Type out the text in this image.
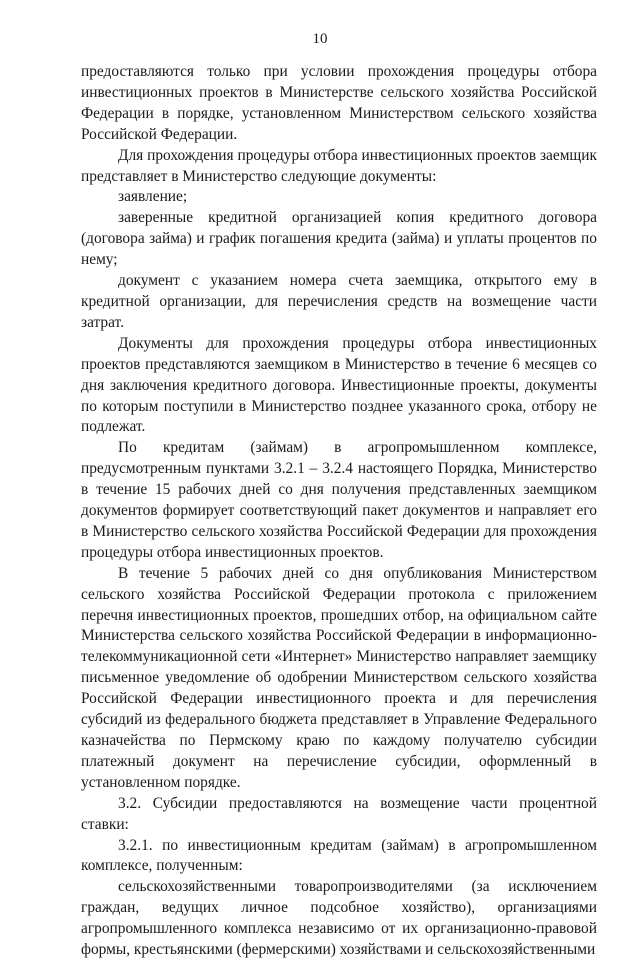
10

предоставляются только при условии прохождения процедуры отбора инвестиционных проектов в Министерстве сельского хозяйства Российской Федерации в порядке, установленном Министерством сельского хозяйства Российской Федерации.

Для прохождения процедуры отбора инвестиционных проектов заемщик представляет в Министерство следующие документы:

заявление;

заверенные кредитной организацией копия кредитного договора (договора займа) и график погашения кредита (займа) и уплаты процентов по нему;

документ с указанием номера счета заемщика, открытого ему в кредитной организации, для перечисления средств на возмещение части затрат.

Документы для прохождения процедуры отбора инвестиционных проектов представляются заемщиком в Министерство в течение 6 месяцев со дня заключения кредитного договора. Инвестиционные проекты, документы по которым поступили в Министерство позднее указанного срока, отбору не подлежат.

По кредитам (займам) в агропромышленном комплексе, предусмотренным пунктами 3.2.1 – 3.2.4 настоящего Порядка, Министерство в течение 15 рабочих дней со дня получения представленных заемщиком документов формирует соответствующий пакет документов и направляет его в Министерство сельского хозяйства Российской Федерации для прохождения процедуры отбора инвестиционных проектов.

В течение 5 рабочих дней со дня опубликования Министерством сельского хозяйства Российской Федерации протокола с приложением перечня инвестиционных проектов, прошедших отбор, на официальном сайте Министерства сельского хозяйства Российской Федерации в информационно-телекоммуникационной сети «Интернет» Министерство направляет заемщику письменное уведомление об одобрении Министерством сельского хозяйства Российской Федерации инвестиционного проекта и для перечисления субсидий из федерального бюджета представляет в Управление Федерального казначейства по Пермскому краю по каждому получателю субсидии платежный документ на перечисление субсидии, оформленный в установленном порядке.

3.2. Субсидии предоставляются на возмещение части процентной ставки:

3.2.1. по инвестиционным кредитам (займам) в агропромышленном комплексе, полученным:

сельскохозяйственными товаропроизводителями (за исключением граждан, ведущих личное подсобное хозяйство), организациями агропромышленного комплекса независимо от их организационно-правовой формы, крестьянскими (фермерскими) хозяйствами и сельскохозяйственными
